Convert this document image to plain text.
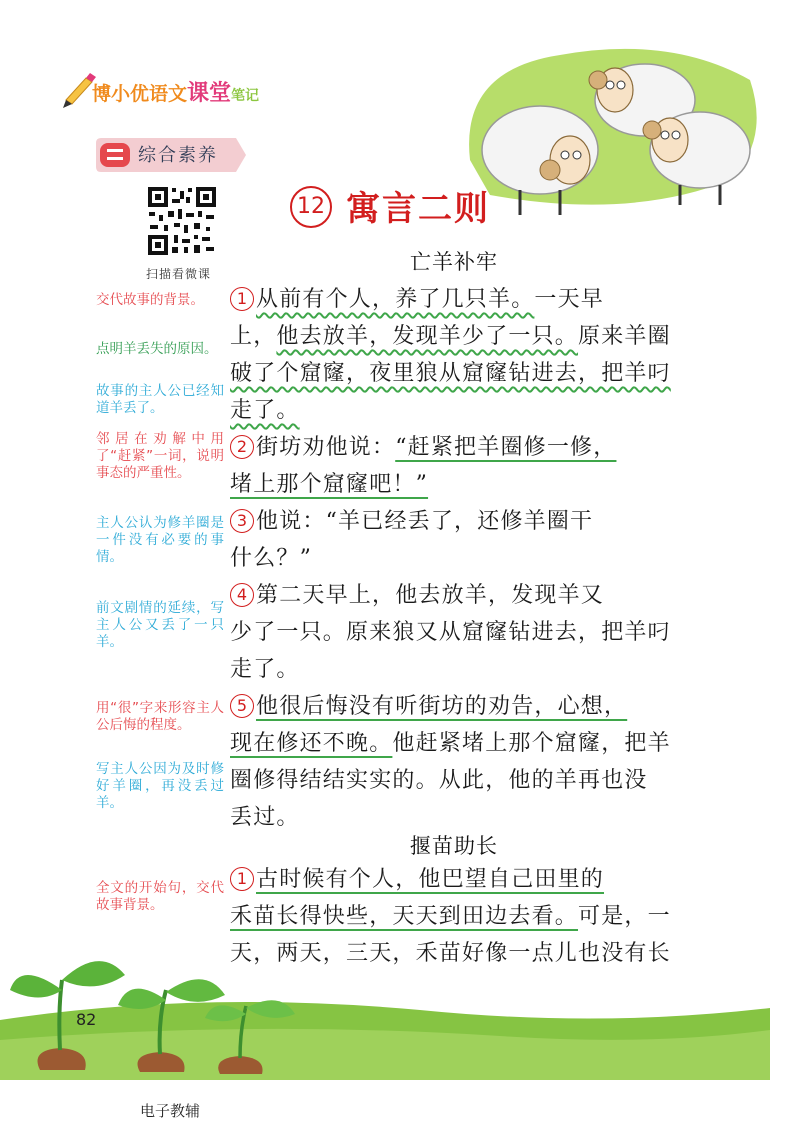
博小优语文课堂笔记
综合素养
扫描看微课
12 寓言二则
亡羊补牢
1 从前有个人，养了几只羊。一天早
上，他去放羊，发现羊少了一只。原来羊圈
破了个窟窿，夜里狼从窟窿钻进去，把羊叼
走了。
2 街坊劝他说：“赶紧把羊圈修一修，
堵上那个窟窿吧！”
3 他说：“羊已经丢了，还修羊圈干
什么？”
4 第二天早上，他去放羊，发现羊又
少了一只。原来狼又从窟窿钻进去，把羊叼
走了。
5 他很后悔没有听街坊的劝告，心想，
现在修还不晚。他赶紧堵上那个窟窿，把羊
圈修得结结实实的。从此，他的羊再也没
丢过。
揠苗助长
1 古时候有个人，他巴望自己田里的
禾苗长得快些，天天到田边去看。可是，一
天，两天，三天，禾苗好像一点儿也没有长
交代故事的背景。
点明羊丢失的原因。
故事的主人公已经知道羊丢了。
邻居在劝解中用了“赶紧”一词，说明事态的严重性。
主人公认为修羊圈是一件没有必要的事情。
前文剧情的延续，写主人公又丢了一只羊。
用“很”字来形容主人公后悔的程度。
写主人公因为及时修好羊圈，再没丢过羊。
全文的开始句，交代故事背景。
82
电子教辅
